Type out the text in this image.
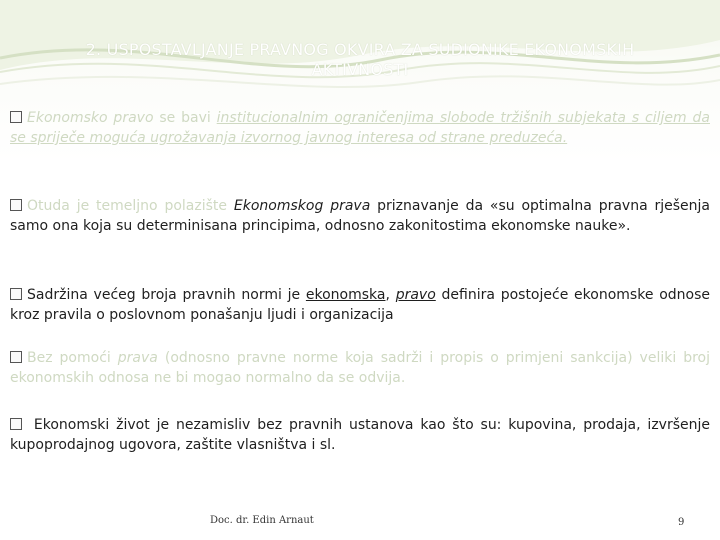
2. USPOSTAVLJANJE PRAVNOG OKVIRA ZA SUDIONIKE EKONOMSKIH
AKTIVNOSTI
Ekonomsko pravo se bavi institucionalnim ograničenjima slobode tržišnih subjekata s ciljem da se spriječe moguća ugrožavanja izvornog javnog interesa od strane preduzeća.
Otuda je temeljno polazište Ekonomskog prava priznavanje da «su optimalna pravna rješenja samo ona koja su determinisana principima, odnosno zakonitostima ekonomske nauke».
Sadržina većeg broja pravnih normi je ekonomska, pravo definira postojeće ekonomske odnose kroz pravila o poslovnom ponašanju ljudi i organizacija
Bez pomoći prava (odnosno pravne norme koja sadrži i propis o primjeni sankcija) veliki broj ekonomskih odnosa ne bi mogao normalno da se odvija.
Ekonomski život je nezamisliv bez pravnih ustanova kao što su: kupovina, prodaja, izvršenje kupoprodajnog ugovora, zaštite vlasništva i sl.
Doc. dr. Edin Arnaut	9
